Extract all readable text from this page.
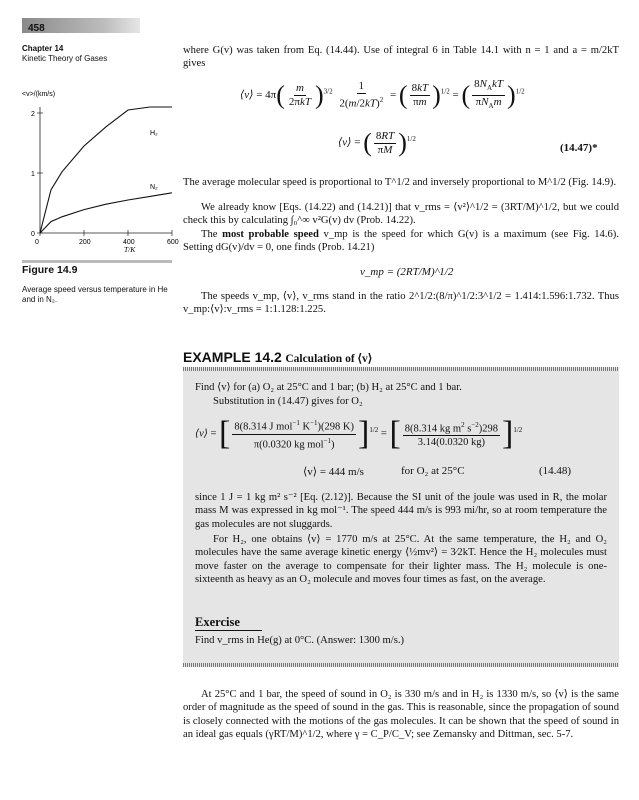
458
Chapter 14
Kinetic Theory of Gases
<v>/(km/s)
2
1
0
0	200	400	600
H₂
N₂
T/K
Figure 14.9
Average speed versus temperature in He and in N₂.
where G(v) was taken from Eq. (14.44). Use of integral 6 in Table 14.1 with n = 1 and a = m/2kT gives
⟨v⟩ = $4\pi( \frac{m}{\text{2πkT}} )^{3/2} \frac{1}{2(m/2kT)^2}$ = ( $\frac{8kT}{\pi m} )^{1/2}$ = ( $\frac{8N_AkT}{\pi N_Am} )^{1/2}$
⟨v⟩ = ( $\frac{8RT}{\pi M} )^{1/2}$
(14.47)*
The average molecular speed is proportional to T^1/2 and inversely proportional to M^1/2 (Fig. 14.9).
We already know [Eqs. (14.22) and (14.21)] that v_rms = ⟨v²⟩^1/2 = (3RT/M)^1/2, but we could check this by calculating ∫₀^∞ v²G(v) dv (Prob. 14.22).
The most probable speed v_mp is the speed for which G(v) is a maximum (see Fig. 14.6). Setting dG(v)/dv = 0, one finds (Prob. 14.21)
v_mp = (2RT/M)^1/2
The speeds v_mp, ⟨v⟩, v_rms stand in the ratio 2^1/2:(8/π)^1/2:3^1/2 = 1.414:1.596:1.732. Thus v_mp:⟨v⟩:v_rms = 1:1.128:1.225.
EXAMPLE 14.2 Calculation of ⟨v⟩
Find ⟨v⟩ for (a) O₂ at 25°C and 1 bar; (b) H₂ at 25°C and 1 bar.
Substitution in (14.47) gives for O₂
⟨v⟩ = [ $\frac{8(8.314 J mol^{-1} K^{-1})(298 K)}{\pi(0.0320 kg mol^{-1})} ]^{1/2}$ = [ $\frac{8(8.314 kg m^2 s^{-2})298}{3.14(0.0320 kg)} ]^{1/2}$
⟨v⟩ = 444 m/s	for O₂ at 25°C	(14.48)
since 1 J = 1 kg m² s⁻² [Eq. (2.12)]. Because the SI unit of the joule was used in R, the molar mass M was expressed in kg mol⁻¹. The speed 444 m/s is 993 mi/hr, so at room temperature the gas molecules are not sluggards.
For H₂, one obtains ⟨v⟩ = 1770 m/s at 25°C. At the same temperature, the H₂ and O₂ molecules have the same average kinetic energy ⟨½mv²⟩ = 3⁄2kT. Hence the H₂ molecules must move faster on the average to compensate for their lighter mass. The H₂ molecule is one-sixteenth as heavy as an O₂ molecule and moves four times as fast, on the average.
Exercise
Find v_rms in He(g) at 0°C. (Answer: 1300 m/s.)
At 25°C and 1 bar, the speed of sound in O₂ is 330 m/s and in H₂ is 1330 m/s, so ⟨v⟩ is the same order of magnitude as the speed of sound in the gas. This is reasonable, since the propagation of sound is closely connected with the motions of the gas molecules. It can be shown that the speed of sound in an ideal gas equals (γRT/M)^1/2, where γ = C_P/C_V; see Zemansky and Dittman, sec. 5-7.
